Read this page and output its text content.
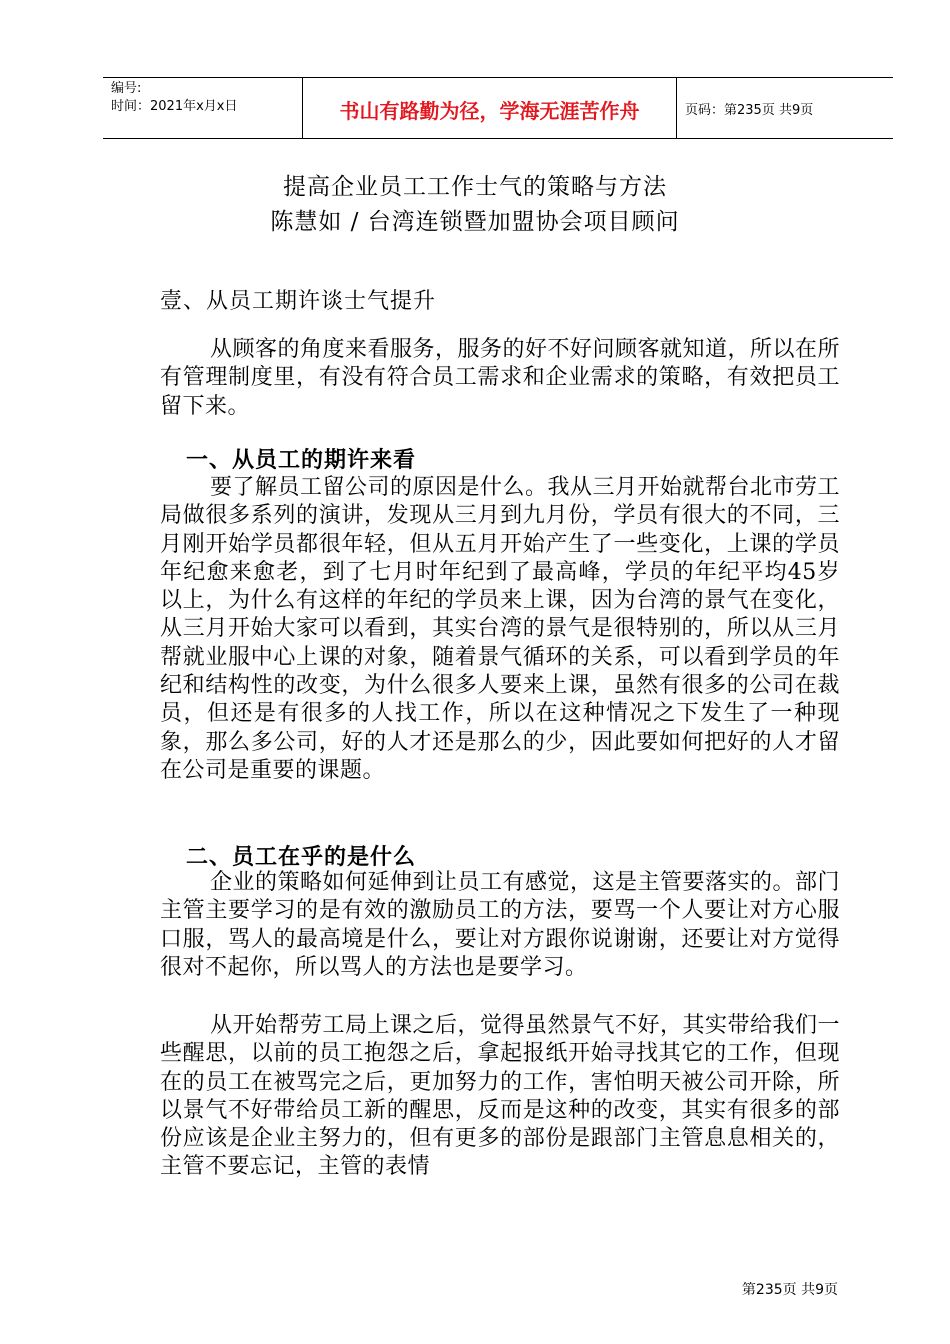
编号:
时间：2021年x月x日	书山有路勤为径，学海无涯苦作舟	页码：第235页 共9页
提高企业员工工作士气的策略与方法
陈慧如 / 台湾连锁暨加盟协会项目顾问
壹、从员工期许谈士气提升
从顾客的角度来看服务，服务的好不好问顾客就知道，所以在所有管理制度里，有没有符合员工需求和企业需求的策略，有效把员工留下来。
一、从员工的期许来看
要了解员工留公司的原因是什么。我从三月开始就帮台北市劳工局做很多系列的演讲，发现从三月到九月份，学员有很大的不同，三月刚开始学员都很年轻，但从五月开始产生了一些变化，上课的学员年纪愈来愈老，到了七月时年纪到了最高峰，学员的年纪平均45岁以上，为什么有这样的年纪的学员来上课，因为台湾的景气在变化，从三月开始大家可以看到，其实台湾的景气是很特别的，所以从三月帮就业服中心上课的对象，随着景气循环的关系，可以看到学员的年纪和结构性的改变，为什么很多人要来上课，虽然有很多的公司在裁员，但还是有很多的人找工作，所以在这种情况之下发生了一种现象，那么多公司，好的人才还是那么的少，因此要如何把好的人才留在公司是重要的课题。
二、员工在乎的是什么
企业的策略如何延伸到让员工有感觉，这是主管要落实的。部门主管主要学习的是有效的激励员工的方法，要骂一个人要让对方心服口服，骂人的最高境是什么，要让对方跟你说谢谢，还要让对方觉得很对不起你，所以骂人的方法也是要学习。
从开始帮劳工局上课之后，觉得虽然景气不好，其实带给我们一些醒思，以前的员工抱怨之后，拿起报纸开始寻找其它的工作，但现在的员工在被骂完之后，更加努力的工作，害怕明天被公司开除，所以景气不好带给员工新的醒思，反而是这种的改变，其实有很多的部份应该是企业主努力的，但有更多的部份是跟部门主管息息相关的，主管不要忘记，主管的表情
第235页 共9页
